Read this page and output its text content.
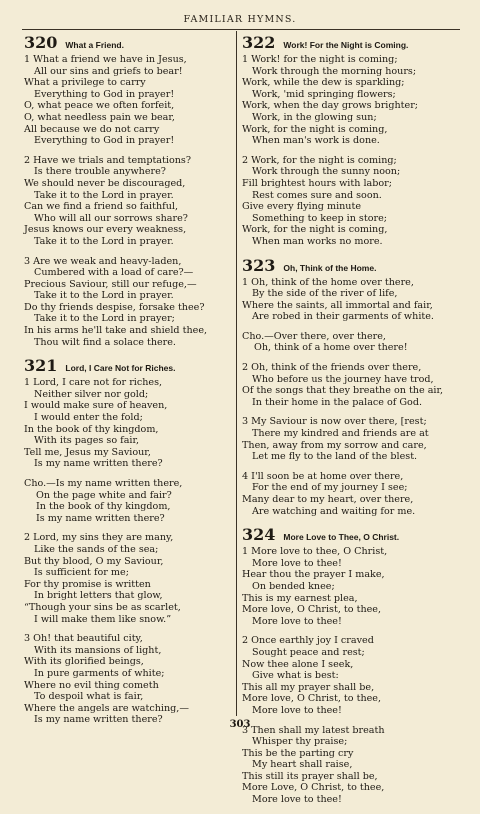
FAMILIAR HYMNS.
320 What a Friend.
1 What a friend we have in Jesus,
All our sins and griefs to bear!
What a privilege to carry
Everything to God in prayer!
O, what peace we often forfeit,
O, what needless pain we bear,
All because we do not carry
Everything to God in prayer!
2 Have we trials and temptations?
Is there trouble anywhere?
We should never be discouraged,
Take it to the Lord in prayer.
Can we find a friend so faithful,
Who will all our sorrows share?
Jesus knows our every weakness,
Take it to the Lord in prayer.
3 Are we weak and heavy-laden,
Cumbered with a load of care?—
Precious Saviour, still our refuge,—
Take it to the Lord in prayer.
Do thy friends despise, forsake thee?
Take it to the Lord in prayer;
In his arms he'll take and shield thee,
Thou wilt find a solace there.
321 Lord, I Care Not for Riches.
1 Lord, I care not for riches,
Neither silver nor gold;
I would make sure of heaven,
I would enter the fold;
In the book of thy kingdom,
With its pages so fair,
Tell me, Jesus my Saviour,
Is my name written there?
Cho.—Is my name written there,
On the page white and fair?
In the book of thy kingdom,
Is my name written there?
2 Lord, my sins they are many,
Like the sands of the sea;
But thy blood, O my Saviour,
Is sufficient for me;
For thy promise is written
In bright letters that glow,
“Though your sins be as scarlet,
I will make them like snow.”
3 Oh! that beautiful city,
With its mansions of light,
With its glorified beings,
In pure garments of white;
Where no evil thing cometh
To despoil what is fair,
Where the angels are watching,—
Is my name written there?
322 Work! For the Night is Coming.
1 Work! for the night is coming;
Work through the morning hours;
Work, while the dew is sparkling;
Work, 'mid springing flowers;
Work, when the day grows brighter;
Work, in the glowing sun;
Work, for the night is coming,
When man's work is done.
2 Work, for the night is coming;
Work through the sunny noon;
Fill brightest hours with labor;
Rest comes sure and soon.
Give every flying minute
Something to keep in store;
Work, for the night is coming,
When man works no more.
323 Oh, Think of the Home.
1 Oh, think of the home over there,
By the side of the river of life,
Where the saints, all immortal and fair,
Are robed in their garments of white.
Cho.—Over there, over there,
Oh, think of a home over there!
2 Oh, think of the friends over there,
Who before us the journey have trod,
Of the songs that they breathe on the air,
In their home in the palace of God.
3 My Saviour is now over there, [rest;
There my kindred and friends are at
Then, away from my sorrow and care,
Let me fly to the land of the blest.
4 I'll soon be at home over there,
For the end of my journey I see;
Many dear to my heart, over there,
Are watching and waiting for me.
324 More Love to Thee, O Christ.
1 More love to thee, O Christ,
More love to thee!
Hear thou the prayer I make,
On bended knee;
This is my earnest plea,
More love, O Christ, to thee,
More love to thee!
2 Once earthly joy I craved
Sought peace and rest;
Now thee alone I seek,
Give what is best:
This all my prayer shall be,
More love, O Christ, to thee,
More love to thee!
3 Then shall my latest breath
Whisper thy praise;
This be the parting cry
My heart shall raise,
This still its prayer shall be,
More Love, O Christ, to thee,
More love to thee!
303
